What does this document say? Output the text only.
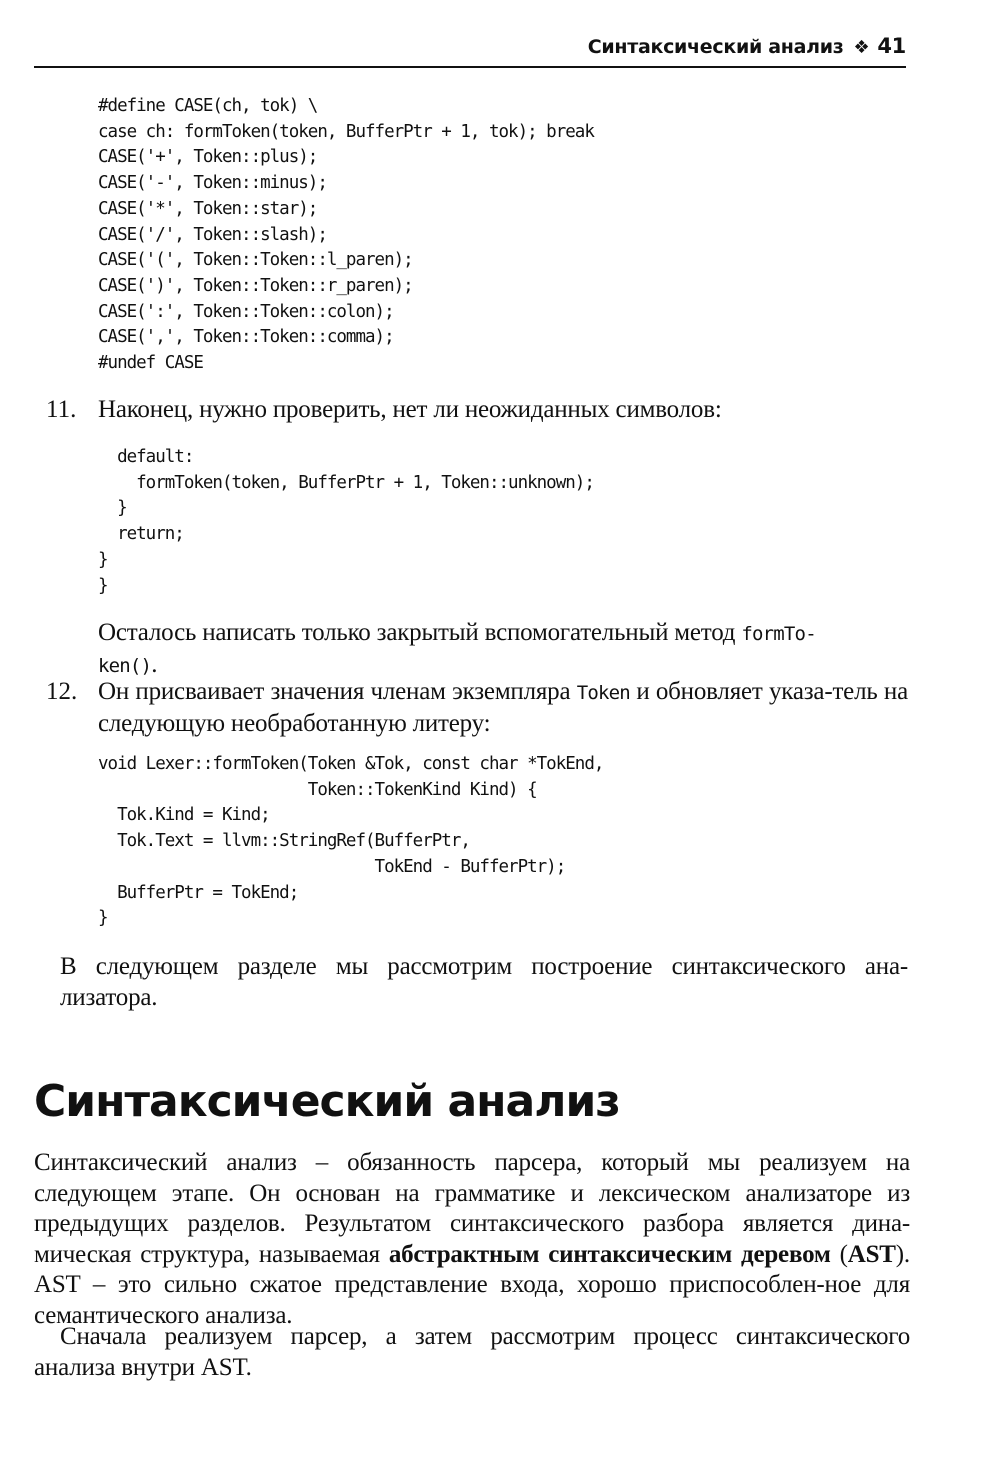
Синтаксический анализ ❖ 41
#define CASE(ch, tok) \
case ch: formToken(token, BufferPtr + 1, tok); break
CASE('+', Token::plus);
CASE('-', Token::minus);
CASE('*', Token::star);
CASE('/', Token::slash);
CASE('(', Token::Token::l_paren);
CASE(')', Token::Token::r_paren);
CASE(':', Token::Token::colon);
CASE(',', Token::Token::comma);
#undef CASE
11. Наконец, нужно проверить, нет ли неожиданных символов:
default:
formToken(token, BufferPtr + 1, Token::unknown);
}
return;
}
}
Осталось написать только закрытый вспомогательный метод formTo-
ken().
12. Он присваивает значения членам экземпляра Token и обновляет указа-тель на следующую необработанную литеру:
void Lexer::formToken(Token &Tok, const char *TokEnd,
Token::TokenKind Kind) {
Tok.Kind = Kind;
Tok.Text = llvm::StringRef(BufferPtr,
TokEnd - BufferPtr);
BufferPtr = TokEnd;
}
В следующем разделе мы рассмотрим построение синтаксического ана-лизатора.
Синтаксический анализ
Синтаксический анализ – обязанность парсера, который мы реализуем на следующем этапе. Он основан на грамматике и лексическом анализаторе из предыдущих разделов. Результатом синтаксического разбора является дина-мическая структура, называемая абстрактным синтаксическим деревом (AST). AST – это сильно сжатое представление входа, хорошо приспособлен-ное для семантического анализа.
Сначала реализуем парсер, а затем рассмотрим процесс синтаксического анализа внутри AST.
